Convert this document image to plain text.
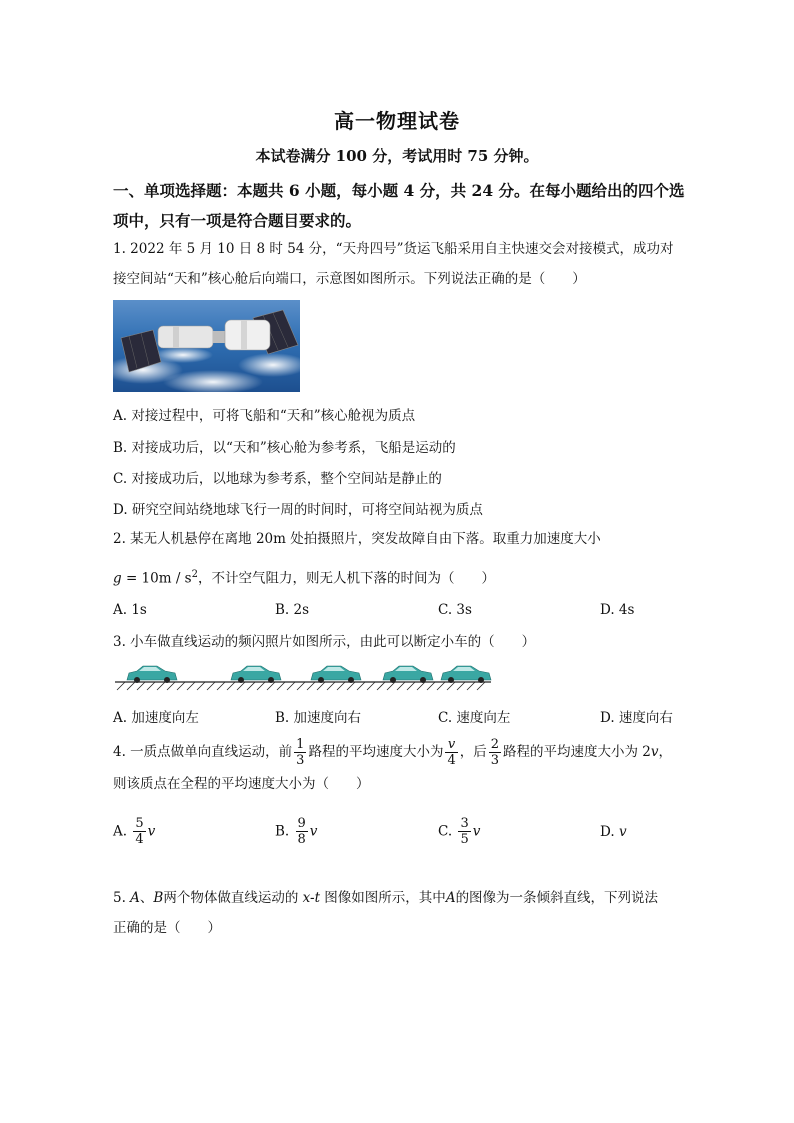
高一物理试卷
本试卷满分 100 分，考试用时 75 分钟。
一、单项选择题：本题共 6 小题，每小题 4 分，共 24 分。在每小题给出的四个选
项中，只有一项是符合题目要求的。
1. 2022 年 5 月 10 日 8 时 54 分，“天舟四号”货运飞船采用自主快速交会对接模式，成功对
接空间站“天和”核心舱后向端口，示意图如图所示。下列说法正确的是（　　）
A. 对接过程中，可将飞船和“天和”核心舱视为质点
B. 对接成功后，以“天和”核心舱为参考系，飞船是运动的
C. 对接成功后，以地球为参考系，整个空间站是静止的
D. 研究空间站绕地球飞行一周的时间时，可将空间站视为质点
2. 某无人机悬停在离地 20m 处拍摄照片，突发故障自由下落。取重力加速度大小
$g = 10m / s^2$，不计空气阻力，则无人机下落的时间为（　　）
A. 1s	B. 2s	C. 3s	D. 4s
3. 小车做直线运动的频闪照片如图所示，由此可以断定小车的（　　）
A. 加速度向左	B. 加速度向右	C. 速度向左	D. 速度向右
4. 一质点做单向直线运动，前 $\frac{1}{3}$ 路程的平均速度大小为 $\frac{v}{4}$ ，后 $\frac{2}{3}$ 路程的平均速度大小为 2v，
则该质点在全程的平均速度大小为（　　）
A. $\frac{5}{4}$ v	B. $\frac{9}{8}$ v	C. $\frac{3}{5}$ v	D. v
5. A、B两个物体做直线运动的 x-t 图像如图所示，其中A的图像为一条倾斜直线，下列说法
正确的是（　　）
